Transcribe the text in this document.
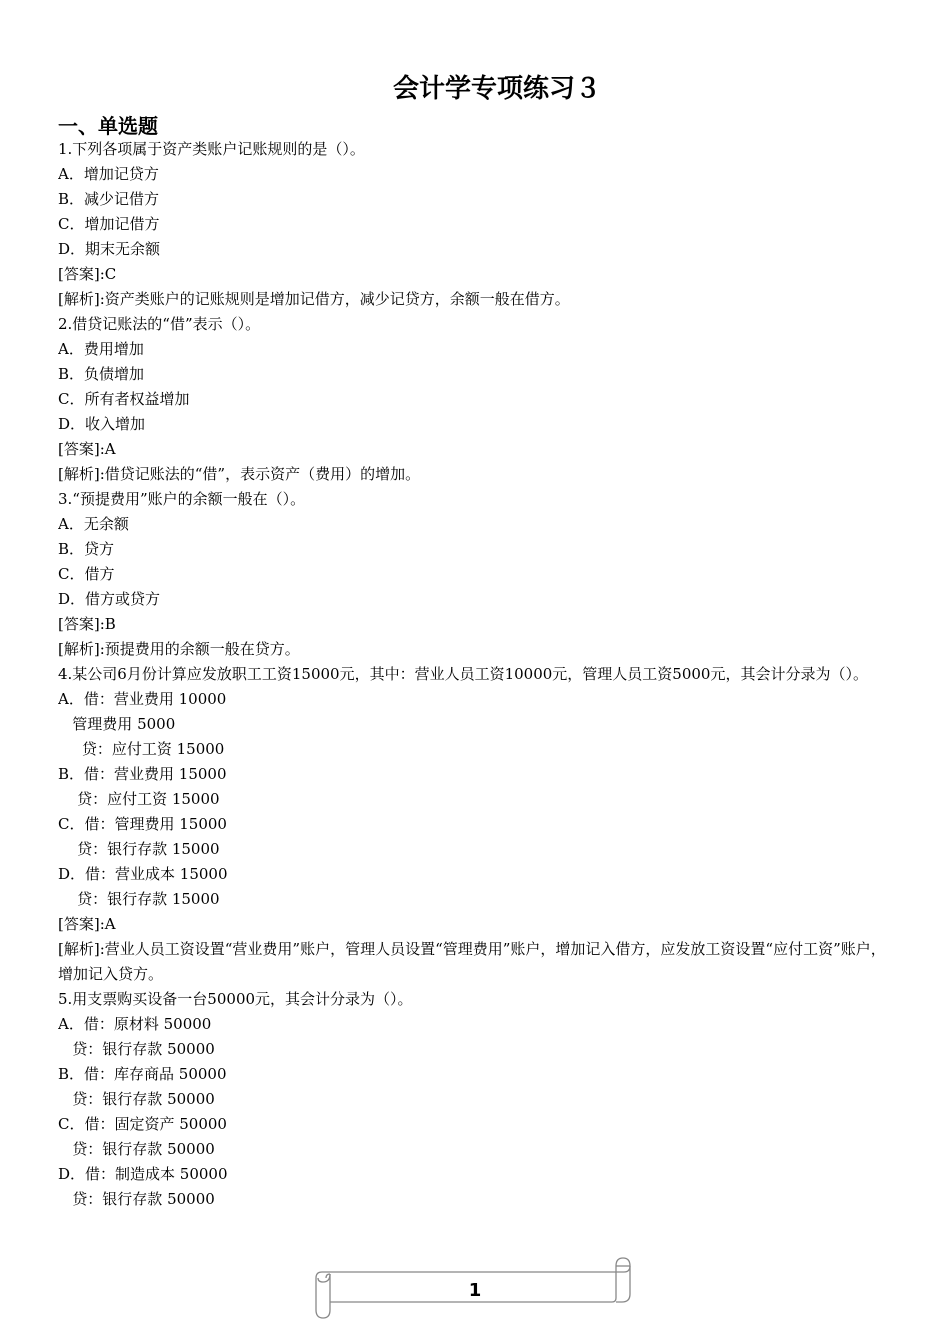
会计学专项练习３
一、单选题
1.下列各项属于资产类账户记账规则的是（）。
A．增加记贷方
B．减少记借方
C．增加记借方
D．期末无余额
[答案]:C
[解析]:资产类账户的记账规则是增加记借方，减少记贷方，余额一般在借方。
2.借贷记账法的“借”表示（）。
A．费用增加
B．负债增加
C．所有者权益增加
D．收入增加
[答案]:A
[解析]:借贷记账法的“借”，表示资产（费用）的增加。
3.“预提费用”账户的余额一般在（）。
A．无余额
B．贷方
C．借方
D．借方或贷方
[答案]:B
[解析]:预提费用的余额一般在贷方。
4.某公司6月份计算应发放职工工资15000元，其中：营业人员工资10000元，管理人员工资5000元，其会计分录为（）。
A．借：营业费用 10000
管理费用 5000
贷：应付工资 15000
B．借：营业费用 15000
贷：应付工资 15000
C．借：管理费用 15000
贷：银行存款 15000
D．借：营业成本 15000
贷：银行存款 15000
[答案]:A
[解析]:营业人员工资设置“营业费用”账户，管理人员设置“管理费用”账户，增加记入借方，应发放工资设置“应付工资”账户，增加记入贷方。
5.用支票购买设备一台50000元，其会计分录为（）。
A．借：原材料 50000
贷：银行存款 50000
B．借：库存商品 50000
贷：银行存款 50000
C．借：固定资产 50000
贷：银行存款 50000
D．借：制造成本 50000
贷：银行存款 50000
1
